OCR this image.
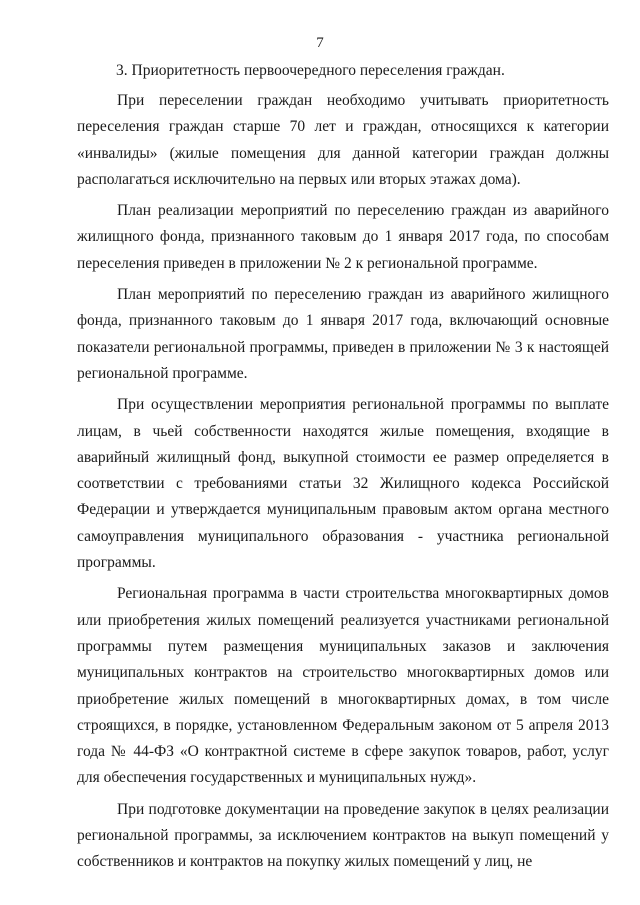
7
3. Приоритетность первоочередного переселения граждан.

При переселении граждан необходимо учитывать приоритетность переселения граждан старше 70 лет и граждан, относящихся к категории «инвалиды» (жилые помещения для данной категории граждан должны располагаться исключительно на первых или вторых этажах дома).

План реализации мероприятий по переселению граждан из аварийного жилищного фонда, признанного таковым до 1 января 2017 года, по способам переселения приведен в приложении № 2 к региональной программе.

План мероприятий по переселению граждан из аварийного жилищного фонда, признанного таковым до 1 января 2017 года, включающий основные показатели региональной программы, приведен в приложении № 3 к настоящей региональной программе.

При осуществлении мероприятия региональной программы по выплате лицам, в чьей собственности находятся жилые помещения, входящие в аварийный жилищный фонд, выкупной стоимости ее размер определяется в соответствии с требованиями статьи 32 Жилищного кодекса Российской Федерации и утверждается муниципальным правовым актом органа местного самоуправления муниципального образования - участника региональной программы.

Региональная программа в части строительства многоквартирных домов или приобретения жилых помещений реализуется участниками региональной программы путем размещения муниципальных заказов и заключения муниципальных контрактов на строительство многоквартирных домов или приобретение жилых помещений в многоквартирных домах, в том числе строящихся, в порядке, установленном Федеральным законом от 5 апреля 2013 года № 44-ФЗ «О контрактной системе в сфере закупок товаров, работ, услуг для обеспечения государственных и муниципальных нужд».

При подготовке документации на проведение закупок в целях реализации региональной программы, за исключением контрактов на выкуп помещений у собственников и контрактов на покупку жилых помещений у лиц, не
